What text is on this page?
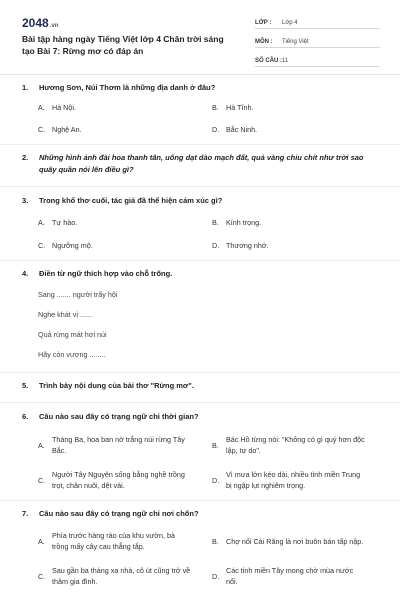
2048.vn
Bài tập hàng ngày Tiếng Việt lớp 4 Chân trời sáng tạo Bài 7: Rừng mơ có đáp án
LỚP :	Lớp 4
MÔN :	Tiếng Việt
SỐ CÂU : 11
1.	Hương Sơn, Núi Thơm là những địa danh ở đâu?
A.	Hà Nội.	B.	Hà Tĩnh.
C. Nghệ An.	D. Bắc Ninh.
2.	Những hình ảnh đài hoa thanh tân, uống dạt dào mạch đất, quả vàng chiu chít như trời sao quây quần nói lên điều gì?
3.	Trong khổ thơ cuối, tác giả đã thể hiện cảm xúc gì?
A.	Tự hào.	B.	Kính trọng.
C. Ngưỡng mộ.	D. Thương nhớ.
4.	Điền từ ngữ thích hợp vào chỗ trống.
Sang ....... người trẩy hội
Nghe khát vị ......
Quả rừng mát hơi núi
Hãy còn vương ........
5.	Trình bày nội dung của bài thơ "Rừng mơ".
6.	Câu nào sau đây có trạng ngữ chỉ thời gian?
A.
Tháng Ba, hoa ban nở trắng núi rừng Tây Bắc.
B.
Bác Hồ từng nói: "Không có gì quý hơn độc lập, tự do".
C.
Người Tây Nguyên sống bằng nghề trồng trọt, chăn nuôi, dệt vải.
D.
Vì mưa lớn kéo dài, nhiều tỉnh miền Trung bị ngập lụt nghiêm trọng.
7.	Câu nào sau đây có trạng ngữ chỉ nơi chốn?
A.
Phía trước hàng rào của khu vườn, bà trồng mấy cây cau thẳng tắp.
B.	Chợ nổi Cái Răng là nơi buôn bán tấp nập.
C.
Sau gần ba tháng xa nhà, cô út cũng trở về thăm gia đình.
D.
Các tỉnh miền Tây mong chờ mùa nước nổi.
